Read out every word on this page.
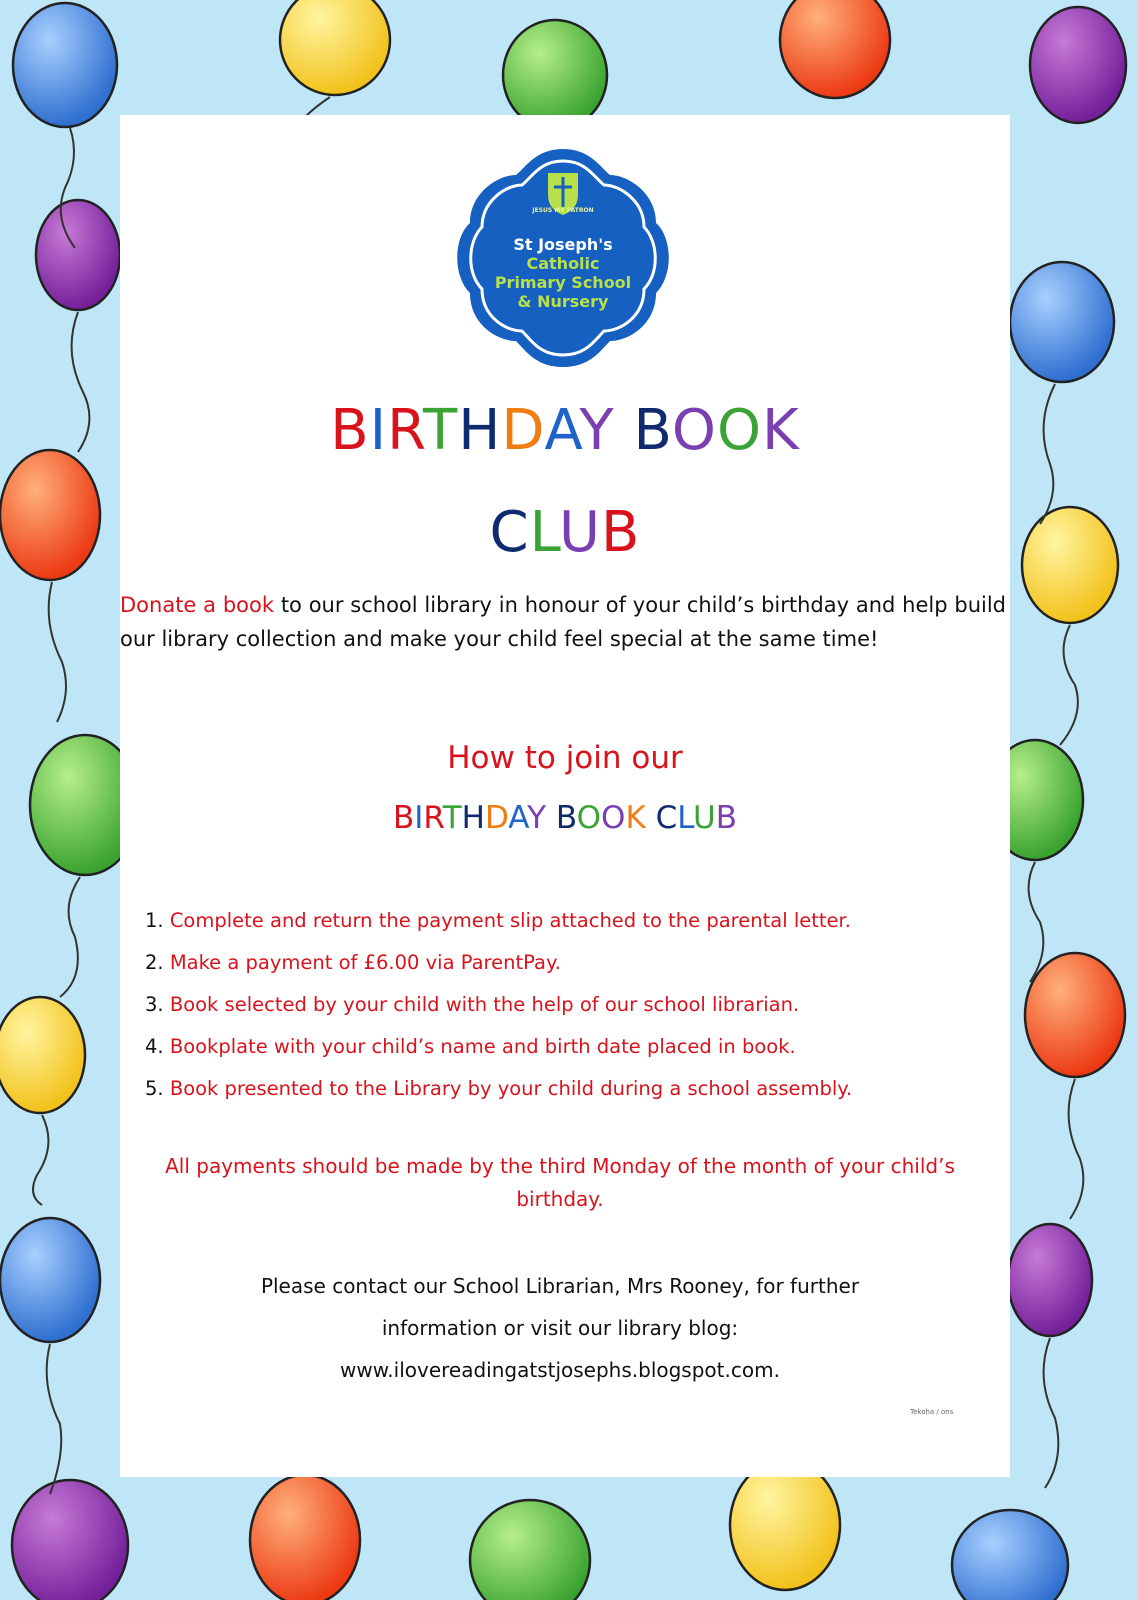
JESUS MY PATRON
St Joseph's
Catholic
Primary School
& Nursery
BIRTHDAY BOOK
CLUB
Donate a book to our school library in honour of your child’s birthday and help build our library collection and make your child feel special at the same time!
How to join our
BIRTHDAY BOOK CLUB
1. Complete and return the payment slip attached to the parental letter.
2. Make a payment of £6.00 via ParentPay.
3. Book selected by your child with the help of our school librarian.
4. Bookplate with your child’s name and birth date placed in book.
5. Book presented to the Library by your child during a school assembly.
All payments should be made by the third Monday of the month of your child’s birthday.
Please contact our School Librarian, Mrs Rooney, for further
information or visit our library blog:
www.ilovereadingatstjosephs.blogspot.com.
Tekoha / ons
